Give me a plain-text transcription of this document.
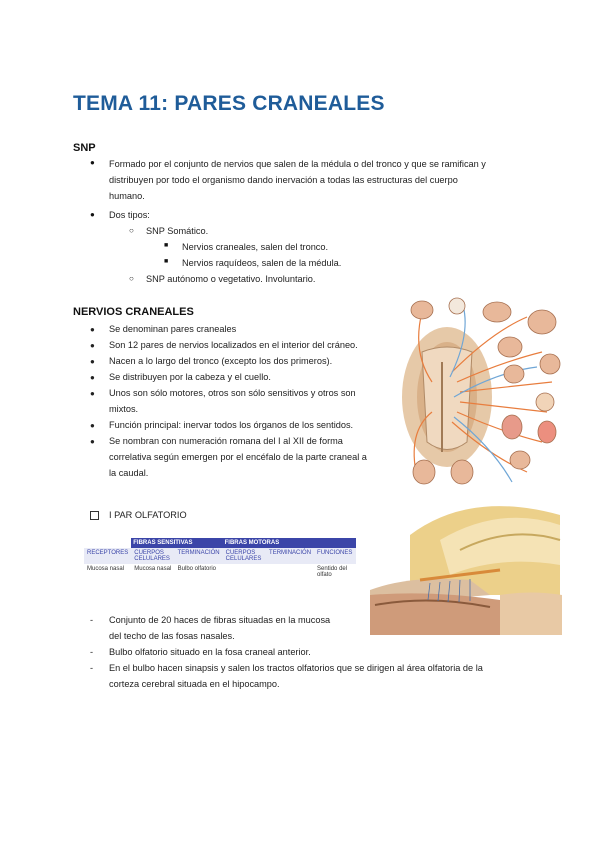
TEMA 11: PARES CRANEALES
SNP
● Formado por el conjunto de nervios que salen de la médula o del tronco y que se ramifican y
distribuyen por todo el organismo dando inervación a todas las estructuras del cuerpo
humano.
● Dos tipos:
○ SNP Somático.
■ Nervios craneales, salen del tronco.
■ Nervios raquídeos, salen de la médula.
○ SNP autónomo o vegetativo. Involuntario.
NERVIOS CRANEALES
● Se denominan pares craneales
● Son 12 pares de nervios localizados en el interior del cráneo.
● Nacen a lo largo del tronco (excepto los dos primeros).
● Se distribuyen por la cabeza y el cuello.
● Unos son sólo motores, otros son sólo sensitivos y otros son
mixtos.
● Función principal: inervar todos los órganos de los sentidos.
● Se nombran con numeración romana del I al XII de forma
correlativa según emergen por el encéfalo de la parte craneal a
la caudal.
I PAR OLFATORIO
	FIBRAS SENSITIVAS		FIBRAS MOTORAS		
RECEPTORES	CUERPOS CELULARES	TERMINACIÓN	CUERPOS CELULARES	TERMINACIÓN	FUNCIONES
Mucosa nasal	Mucosa nasal	Bulbo olfatorio			Sentido del olfato
- Conjunto de 20 haces de fibras situadas en la mucosa
del techo de las fosas nasales.
- Bulbo olfatorio situado en la fosa craneal anterior.
- En el bulbo hacen sinapsis y salen los tractos olfatorios que se dirigen al área olfatoria de la
corteza cerebral situada en el hipocampo.
